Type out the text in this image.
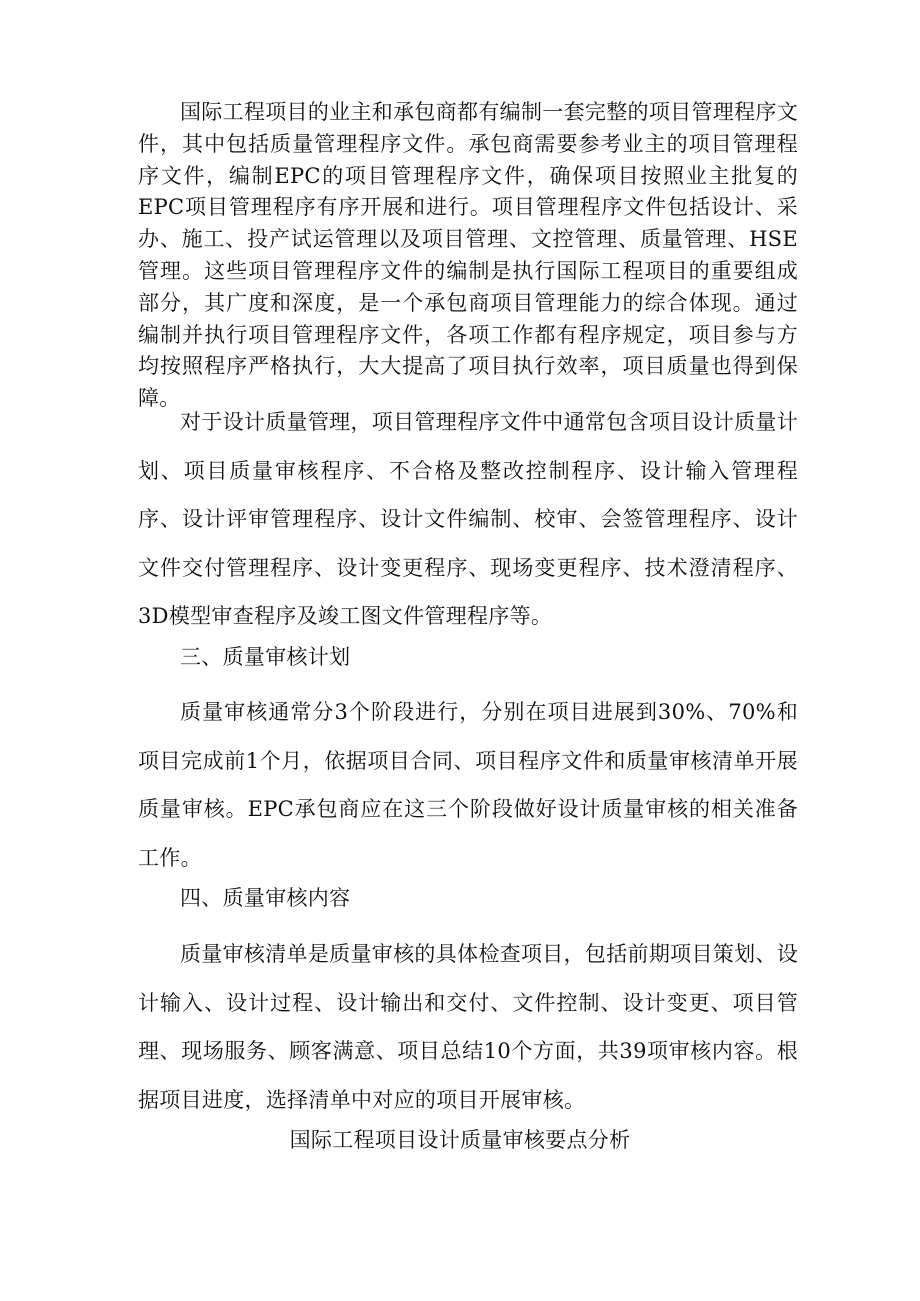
国际工程项目的业主和承包商都有编制一套完整的项目管理程序文件，其中包括质量管理程序文件。承包商需要参考业主的项目管理程序文件，编制EPC的项目管理程序文件，确保项目按照业主批复的EPC项目管理程序有序开展和进行。项目管理程序文件包括设计、采办、施工、投产试运管理以及项目管理、文控管理、质量管理、HSE管理。这些项目管理程序文件的编制是执行国际工程项目的重要组成部分，其广度和深度，是一个承包商项目管理能力的综合体现。通过编制并执行项目管理程序文件，各项工作都有程序规定，项目参与方均按照程序严格执行，大大提高了项目执行效率，项目质量也得到保障。

对于设计质量管理，项目管理程序文件中通常包含项目设计质量计划、项目质量审核程序、不合格及整改控制程序、设计输入管理程序、设计评审管理程序、设计文件编制、校审、会签管理程序、设计文件交付管理程序、设计变更程序、现场变更程序、技术澄清程序、3D模型审查程序及竣工图文件管理程序等。

三、质量审核计划

质量审核通常分3个阶段进行，分别在项目进展到30%、70%和项目完成前1个月，依据项目合同、项目程序文件和质量审核清单开展质量审核。EPC承包商应在这三个阶段做好设计质量审核的相关准备工作。

四、质量审核内容

质量审核清单是质量审核的具体检查项目，包括前期项目策划、设计输入、设计过程、设计输出和交付、文件控制、设计变更、项目管理、现场服务、顾客满意、项目总结10个方面，共39项审核内容。根据项目进度，选择清单中对应的项目开展审核。

国际工程项目设计质量审核要点分析
